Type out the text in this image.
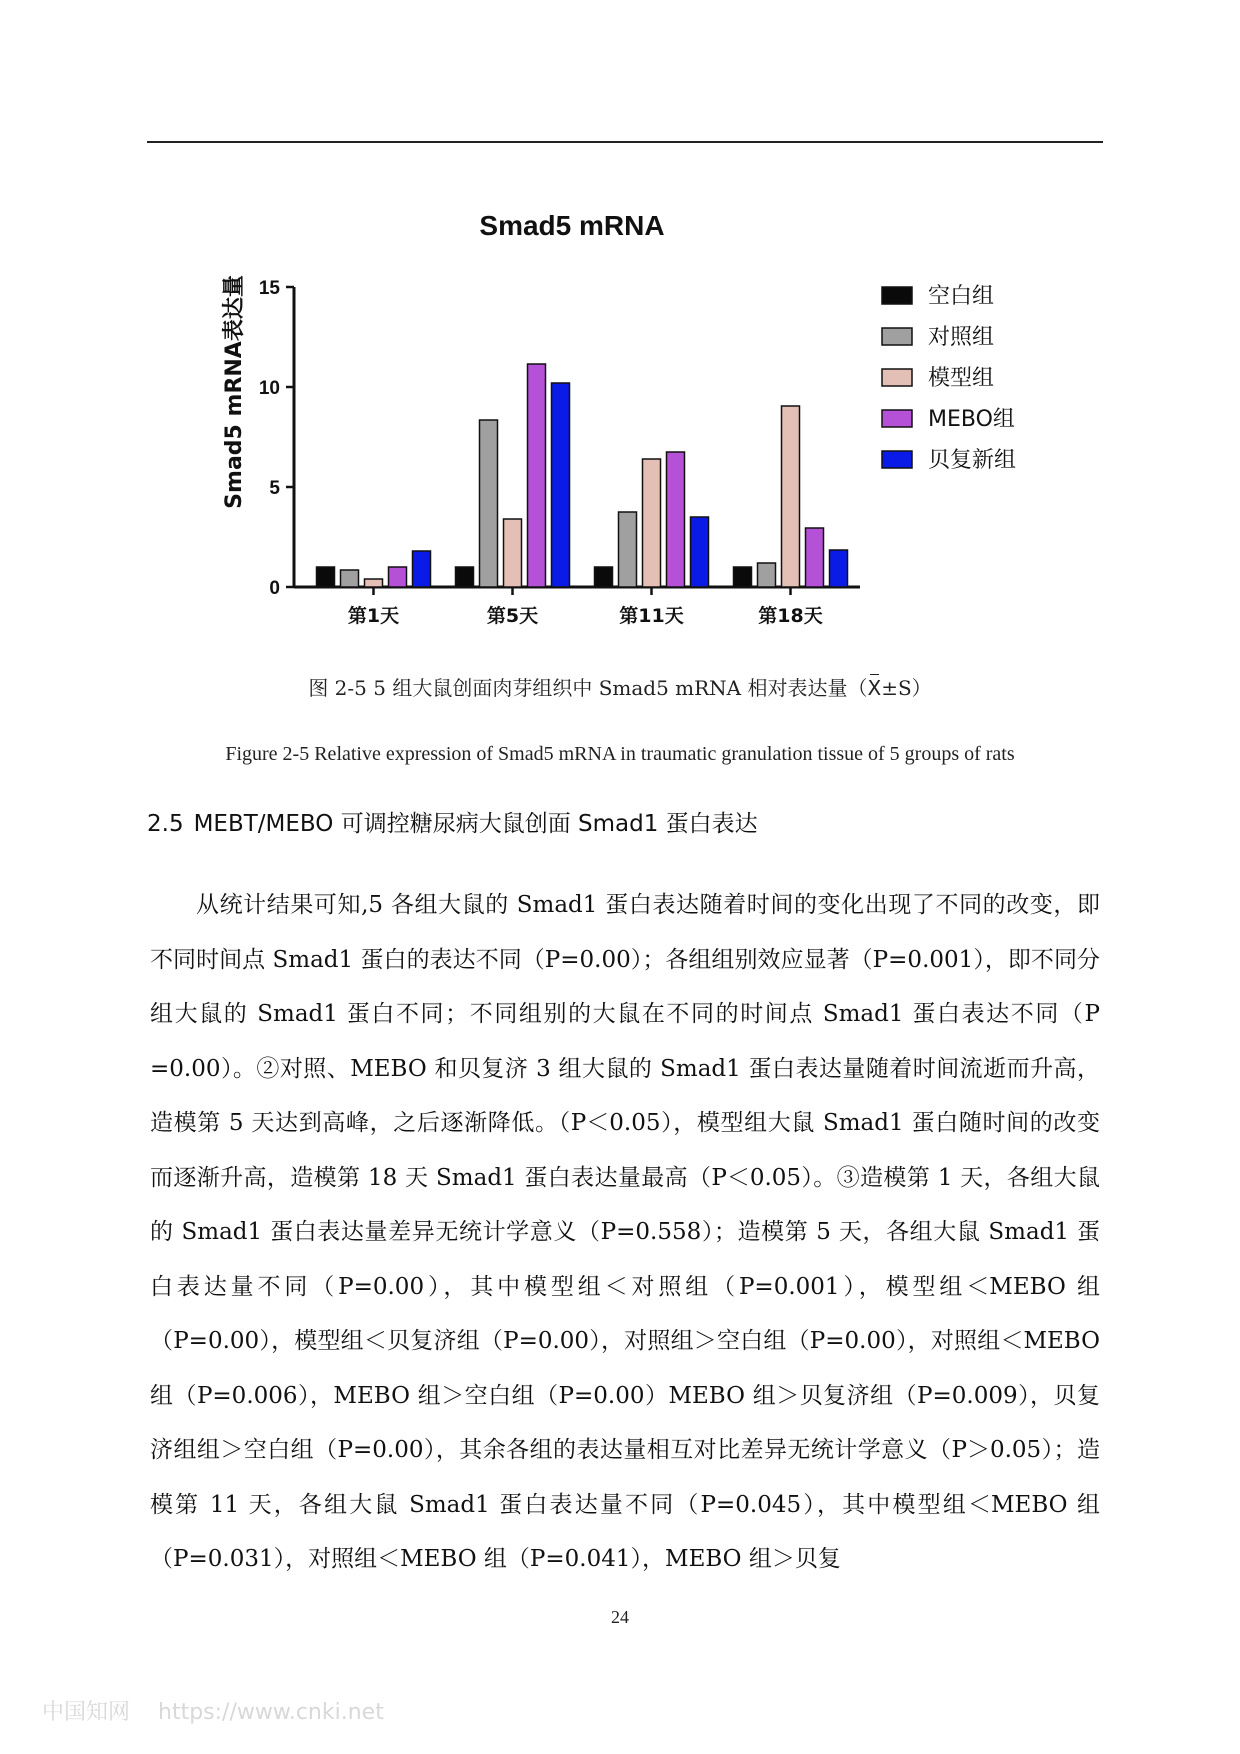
Smad5 mRNA
Smad5 mRNA表达量
0
5
10
15
第1天	第5天	第11天	第18天
空白组
对照组
模型组
MEBO组
贝复新组
图 2-5 5 组大鼠创面肉芽组织中 Smad5 mRNA 相对表达量（X±S）
Figure 2-5 Relative expression of Smad5 mRNA in traumatic granulation tissue of 5 groups of rats
2.5 MEBT/MEBO 可调控糖尿病大鼠创面 Smad1 蛋白表达

从统计结果可知,5 各组大鼠的 Smad1 蛋白表达随着时间的变化出现了不同的改变，即不同时间点 Smad1 蛋白的表达不同（P=0.00）；各组组别效应显著（P=0.001），即不同分组大鼠的 Smad1 蛋白不同；不同组别的大鼠在不同的时间点 Smad1 蛋白表达不同（P =0.00）。②对照、MEBO 和贝复济 3 组大鼠的 Smad1 蛋白表达量随着时间流逝而升高，造模第 5 天达到高峰，之后逐渐降低。（P＜0.05），模型组大鼠 Smad1 蛋白随时间的改变而逐渐升高，造模第 18 天 Smad1 蛋白表达量最高（P＜0.05）。③造模第 1 天，各组大鼠的 Smad1 蛋白表达量差异无统计学意义（P=0.558）；造模第 5 天，各组大鼠 Smad1 蛋白表达量不同（P=0.00），其中模型组＜对照组（P=0.001），模型组＜MEBO 组（P=0.00），模型组＜贝复济组（P=0.00），对照组＞空白组（P=0.00），对照组＜MEBO 组（P=0.006），MEBO 组＞空白组（P=0.00）MEBO 组＞贝复济组（P=0.009），贝复济组组＞空白组（P=0.00），其余各组的表达量相互对比差异无统计学意义（P＞0.05）；造模第 11 天，各组大鼠 Smad1 蛋白表达量不同（P=0.045），其中模型组＜MEBO 组（P=0.031），对照组＜MEBO 组（P=0.041），MEBO 组＞贝复

24
中国知网 https://www.cnki.net
